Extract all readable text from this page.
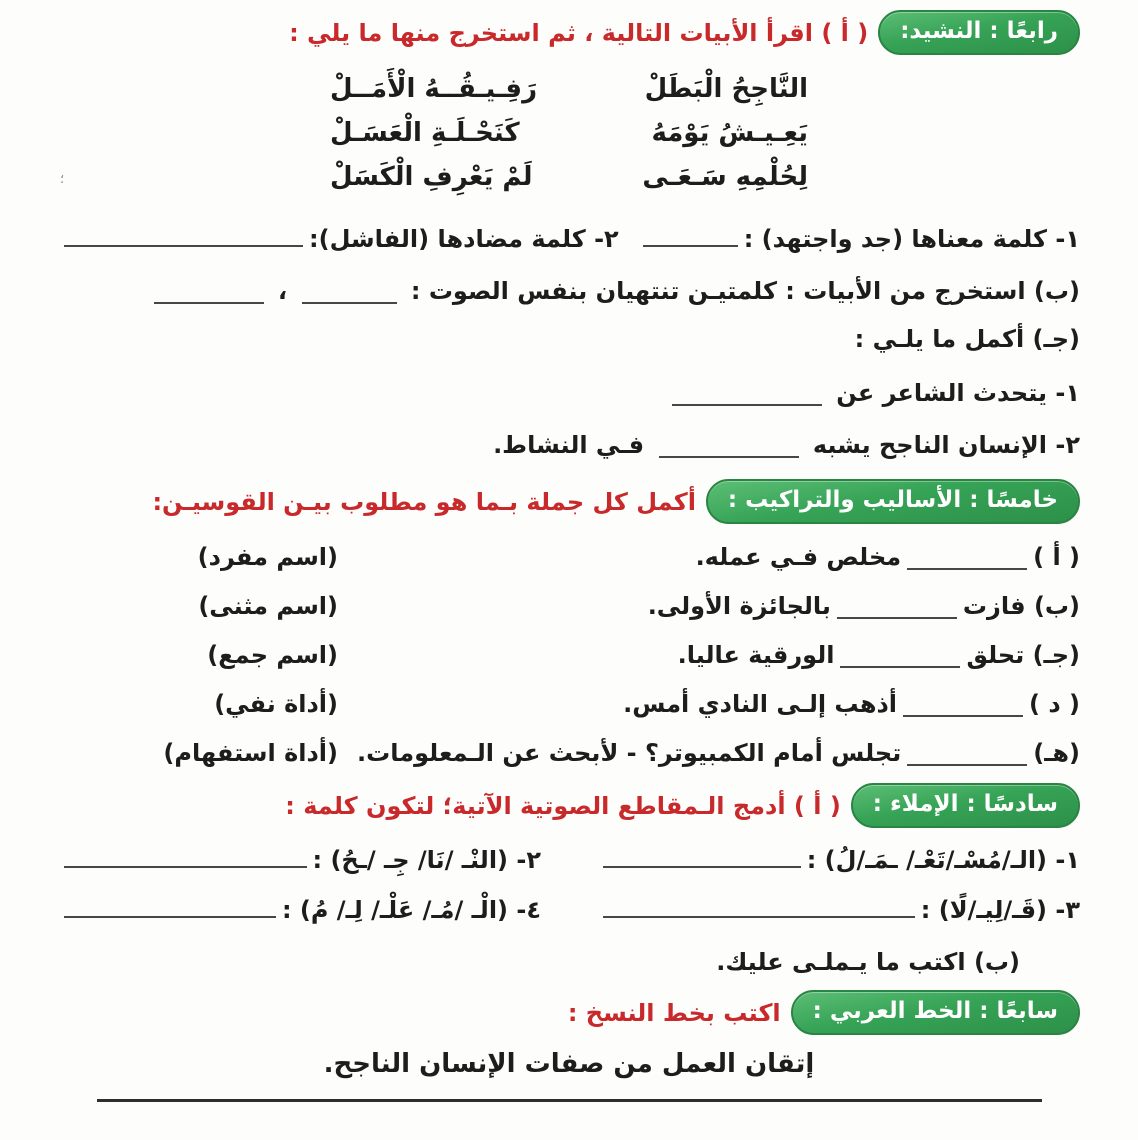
؛
رابعًا : النشيد:
( أ ) اقرأ الأبيات التالية ، ثم استخرج منها ما يلي :
النَّاجِحُ الْبَطَلْ
رَفِـيـقُــهُ الْأَمَــلْ
يَعِـيـشُ يَوْمَهُ
كَنَحْـلَـةِ الْعَسَـلْ
لِحُلْمِهِ سَـعَـى
لَمْ يَعْرِفِ الْكَسَلْ
١- كلمة معناها (جد واجتهد) :
٢- كلمة مضادها (الفاشل):
(ب) استخرج من الأبيات : كلمتيـن تنتهيان بنفس الصوت :  ،
(جـ) أكمل ما يلـي :
١- يتحدث الشاعر عن
٢- الإنسان الناجح يشبه  فـي النشاط.
خامسًا : الأساليب والتراكيب :
أكمل كل جملة بـما هو مطلوب بيـن القوسيـن:
( أ )مخلص فـي عمله.
(اسم مفرد)
(ب) فازتبالجائزة الأولى.
(اسم مثنى)
(جـ) تحلقالورقية عاليا.
(اسم جمع)
( د )أذهب إلـى النادي أمس.
(أداة نفي)
(هـ)تجلس أمام الكمبيوتر؟ - لأبحث عن الـمعلومات.
(أداة استفهام)
سادسًا : الإملاء :
( أ ) أدمج الـمقاطع الصوتية الآتية؛ لتكون كلمة :
١- (الـ/مُسْـ/تَعْـ/ ـمَـ/لُ) :
٢- (النْـ /نَا/ جِـ /ـحُ) :
٣- (قَـ/لِيـ/لًا) :
٤- (الْـ /مُـ/ عَلْـ/ لِـ/ مُ) :
(ب) اكتب ما يـملـى عليك.
سابعًا : الخط العربي :
اكتب بخط النسخ :
إتقان العمل من صفات الإنسان الناجح.
